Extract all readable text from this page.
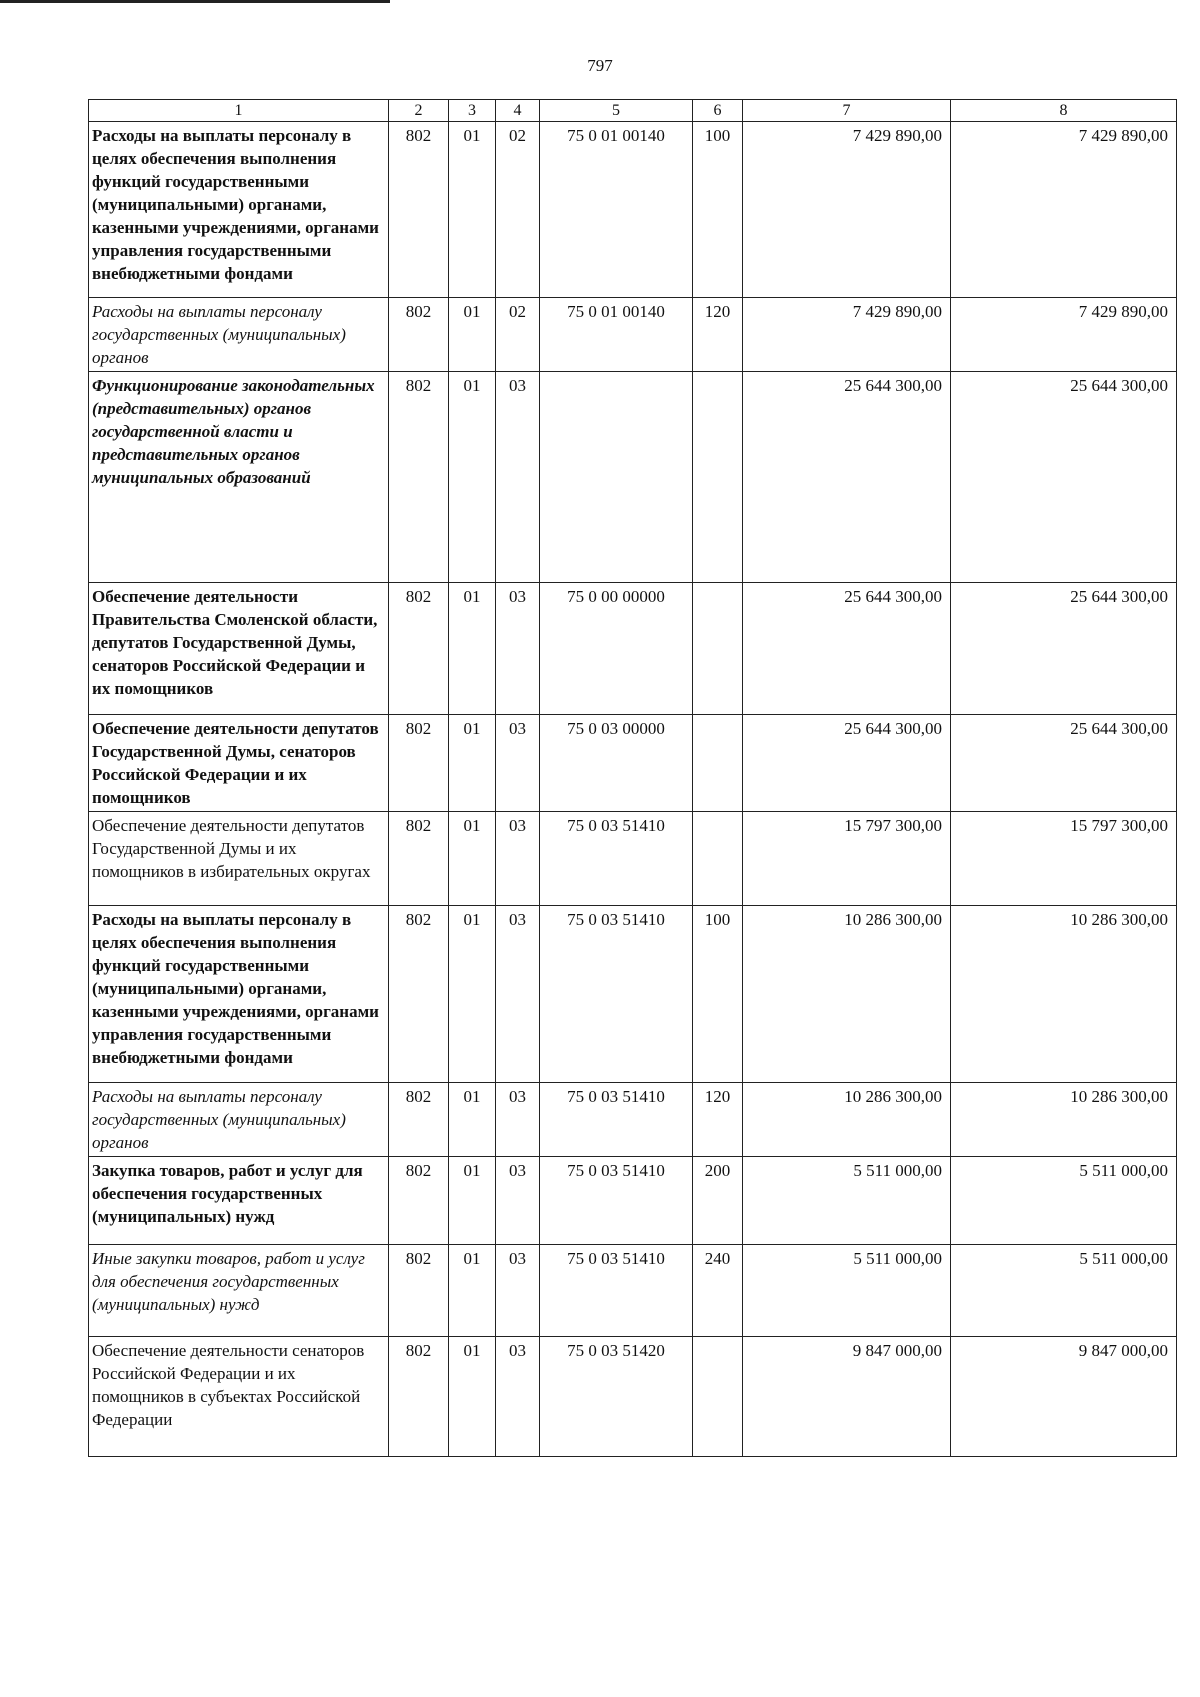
797
1	2	3	4	5	6	7	8
Расходы на выплаты персоналу в целях обеспечения выполнения функций государственными (муниципальными) органами, казенными учреждениями, органами управления государственными внебюджетными фондами	802	01	02	75 0 01 00140	100	7 429 890,00	7 429 890,00
Расходы на выплаты персоналу государственных (муниципальных) органов	802	01	02	75 0 01 00140	120	7 429 890,00	7 429 890,00
Функционирование законодательных (представительных) органов государственной власти и представительных органов муниципальных образований	802	01	03			25 644 300,00	25 644 300,00
Обеспечение деятельности Правительства Смоленской области, депутатов Государственной Думы, сенаторов Российской Федерации и их помощников	802	01	03	75 0 00 00000		25 644 300,00	25 644 300,00
Обеспечение деятельности депутатов Государственной Думы, сенаторов Российской Федерации и их помощников	802	01	03	75 0 03 00000		25 644 300,00	25 644 300,00
Обеспечение деятельности депутатов Государственной Думы и их помощников в избирательных округах	802	01	03	75 0 03 51410		15 797 300,00	15 797 300,00
Расходы на выплаты персоналу в целях обеспечения выполнения функций государственными (муниципальными) органами, казенными учреждениями, органами управления государственными внебюджетными фондами	802	01	03	75 0 03 51410	100	10 286 300,00	10 286 300,00
Расходы на выплаты персоналу государственных (муниципальных) органов	802	01	03	75 0 03 51410	120	10 286 300,00	10 286 300,00
Закупка товаров, работ и услуг для обеспечения государственных (муниципальных) нужд	802	01	03	75 0 03 51410	200	5 511 000,00	5 511 000,00
Иные закупки товаров, работ и услуг для обеспечения государственных (муниципальных) нужд	802	01	03	75 0 03 51410	240	5 511 000,00	5 511 000,00
Обеспечение деятельности сенаторов Российской Федерации и их помощников в субъектах Российской Федерации	802	01	03	75 0 03 51420		9 847 000,00	9 847 000,00
